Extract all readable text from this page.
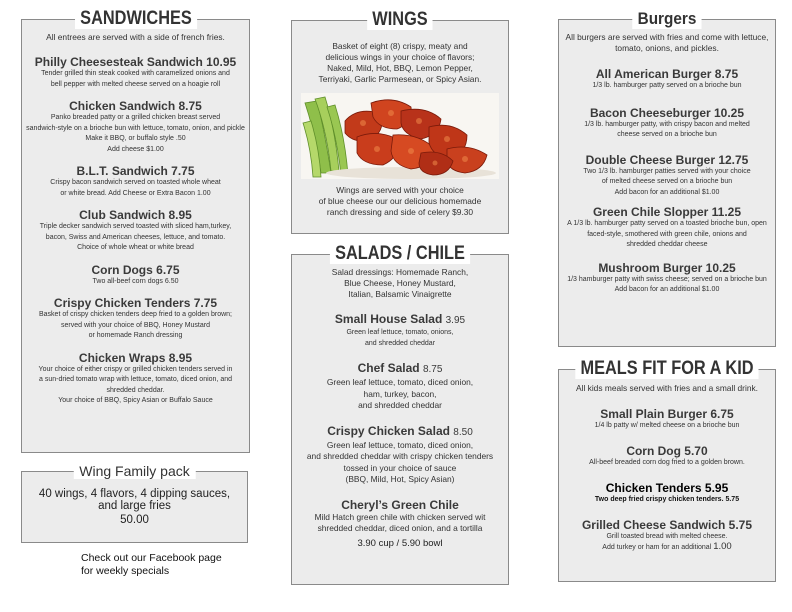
SANDWICHES
All entrees are served with a side of french fries.
Philly Cheesesteak Sandwich 10.95
Tender grilled thin steak cooked with caramelized onions and
bell pepper with melted cheese served on a hoagie roll
Chicken Sandwich 8.75
Panko breaded patty or a grilled chicken breast served
sandwich-style on a brioche bun with lettuce, tomato, onion, and pickle
Make it BBQ, or buffalo style .50
Add cheese $1.00
B.L.T. Sandwich 7.75
Crispy bacon sandwich served on toasted whole wheat
or white bread. Add Cheese or Extra Bacon 1.00
Club Sandwich 8.95
Triple decker sandwich served toasted with sliced ham,turkey,
bacon, Swiss and American cheeses, lettuce, and tomato.
Choice of whole wheat or white bread
Corn Dogs 6.75
Two all-beef corn dogs 6.50
Crispy Chicken Tenders 7.75
Basket of crispy chicken tenders deep fried to a golden brown;
served with your choice of BBQ, Honey Mustard
or homemade Ranch dressing
Chicken Wraps 8.95
Your choice of either crispy or grilled chicken tenders served in
a sun-dried tomato wrap with lettuce, tomato, diced onion, and
shredded cheddar.
Your choice of BBQ, Spicy Asian or Buffalo Sauce
Wing Family pack
40 wings, 4 flavors, 4 dipping sauces,
and large fries
50.00
Check out our Facebook page
for weekly specials
WINGS
Basket of eight (8) crispy, meaty and
delicious wings in your choice of flavors;
Naked, Mild, Hot, BBQ, Lemon Pepper,
Terriyaki, Garlic Parmesean, or Spicy Asian.
Wings are served with your choice
of blue cheese our our delicious homemade
ranch dressing and side of celery $9.30
SALADS / CHILE
Salad dressings: Homemade Ranch,
Blue Cheese, Honey Mustard,
Italian, Balsamic Vinaigrette
Small House Salad 3.95
Green leaf lettuce, tomato, onions,
and shredded cheddar
Chef Salad 8.75
Green leaf lettuce, tomato, diced onion,
ham, turkey, bacon,
and shredded cheddar
Crispy Chicken Salad 8.50
Green leaf lettuce, tomato, diced onion,
and shredded cheddar with crispy chicken tenders
tossed in your choice of sauce
(BBQ, Mild, Hot, Spicy Asian)
Cheryl’s Green Chile
Mild Hatch green chile with chicken served wit
shredded cheddar, diced onion, and a tortilla
3.90 cup / 5.90 bowl
Burgers
All burgers are served with fries and come with lettuce,
tomato, onions, and pickles.
All American Burger 8.75
1/3 lb. hamburger patty served on a brioche bun
Bacon Cheeseburger 10.25
1/3 lb. hamburger patty, with crispy bacon and melted
cheese served on a brioche bun
Double Cheese Burger 12.75
Two 1/3 lb. hamburger patties served with your choice
of melted cheese served on a brioche bun
Add bacon for an additional $1.00
Green Chile Slopper 11.25
A 1/3 lb. hamburger patty served on a toasted brioche bun, open
faced-style, smothered with green chile, onions and
shredded cheddar cheese
Mushroom Burger 10.25
1/3 hamburger patty with swiss cheese; served on a brioche bun
Add bacon for an additional $1.00
MEALS FIT FOR A KID
All kids meals served with fries and a small drink.
Small Plain Burger 6.75
1/4 lb patty w/ melted cheese on a brioche bun
Corn Dog 5.70
All-beef breaded corn dog fried to a golden brown.
Chicken Tenders 5.95
Two deep fried crispy chicken tenders. 5.75
Grilled Cheese Sandwich 5.75
Grill toasted bread with melted cheese.
Add turkey or ham for an additional 1.00
